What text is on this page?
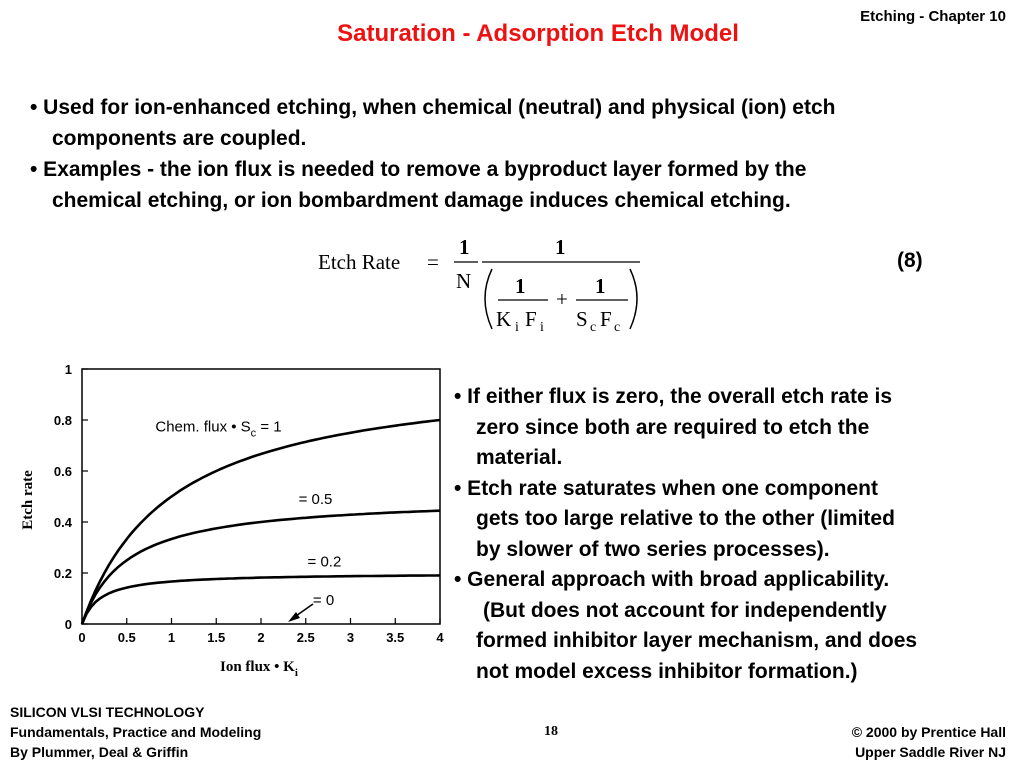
Etching - Chapter 10
Saturation - Adsorption Etch Model
• Used for ion-enhanced etching, when chemical (neutral) and physical (ion) etch
components are coupled.
• Examples - the ion flux is needed to remove a byproduct layer formed by the
chemical etching, or ion bombardment damage induces chemical etching.
Etch Rate =
1
N
1
1
K i F i
+
1
S c F c
(8)
0 0.5 1 1.5 2 2.5 3 3.5 4
0
0.2
0.4
0.6
0.8
1
Chem. flux • $S_c = 1$
= 0.5
= 0.2
= 0
Etch rate
Ion flux • $K_i$
• If either flux is zero, the overall etch rate is
zero since both are required to etch the
material.
• Etch rate saturates when one component
gets too large relative to the other (limited
by slower of two series processes).
• General approach with broad applicability.
(But does not account for independently
formed inhibitor layer mechanism, and does
not model excess inhibitor formation.)
SILICON VLSI TECHNOLOGY
Fundamentals, Practice and Modeling
By Plummer, Deal & Griffin
18	© 2000 by Prentice Hall
Upper Saddle River NJ
